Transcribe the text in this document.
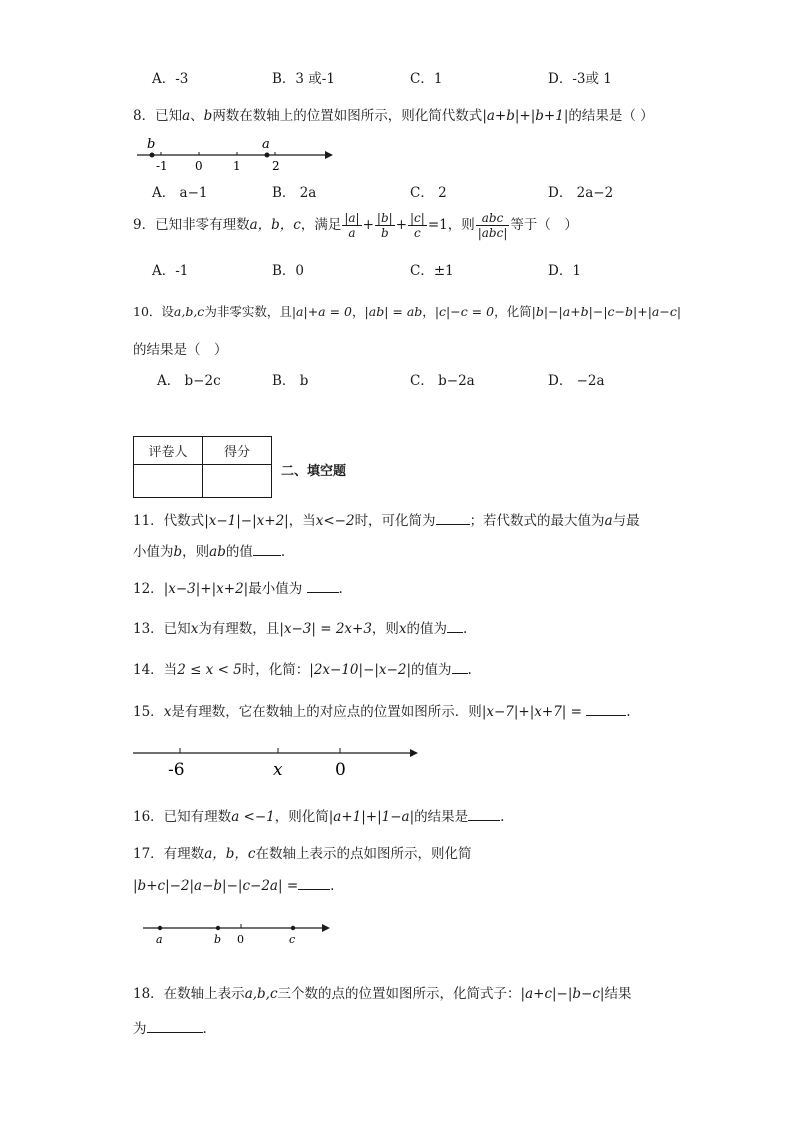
A．-3	B．3 或-1	C．1	D．-3或 1
8．已知a、b两数在数轴上的位置如图所示，则化简代数式|a+b|+|b+1|的结果是（ ）
b	a
-1 0	1	2
A． a−1	B． 2a	C． 2	D． 2a−2
9．已知非零有理数a，b，c，满足 $\frac{|a|}{a} + \frac{|b|}{b} + \frac{|c|}{c} =1$，则 $\frac{\text{abc}}{\text{|abc|}}$ 等于（　）
A．-1	B．0	C．±1	D．1
10．设a,b,c为非零实数，且|a|+a = 0，|ab| = ab，|c|−c = 0，化简|b|−|a+b|−|c−b|+|a−c|
的结果是（　）
A． b−2c	B． b	C． b−2a	D． −2a
评卷人	得分

二、填空题
11．代数式|x−1|−|x+2|，当x<−2时，可化简为	；若代数式的最大值为a与最
小值为b，则ab的值 .
12．|x−3|+|x+2|最小值为	.
13．已知x为有理数，且|x−3| = 2x+3，则x的值为 .
14．当2 ≤ x < 5时，化简：|2x−10|−|x−2|的值为 .
15．x是有理数，它在数轴上的对应点的位置如图所示．则|x−7|+|x+7| =	.
-6	x	0
16．已知有理数a <−1，则化简|a+1|+|1−a|的结果是 .
17．有理数a，b，c在数轴上表示的点如图所示，则化简
|b+c|−2|a−b|−|c−2a| = .
a	b 0	c
18．在数轴上表示a,b,c三个数的点的位置如图所示，化简式子：|a+c|−|b−c|结果
为	.
